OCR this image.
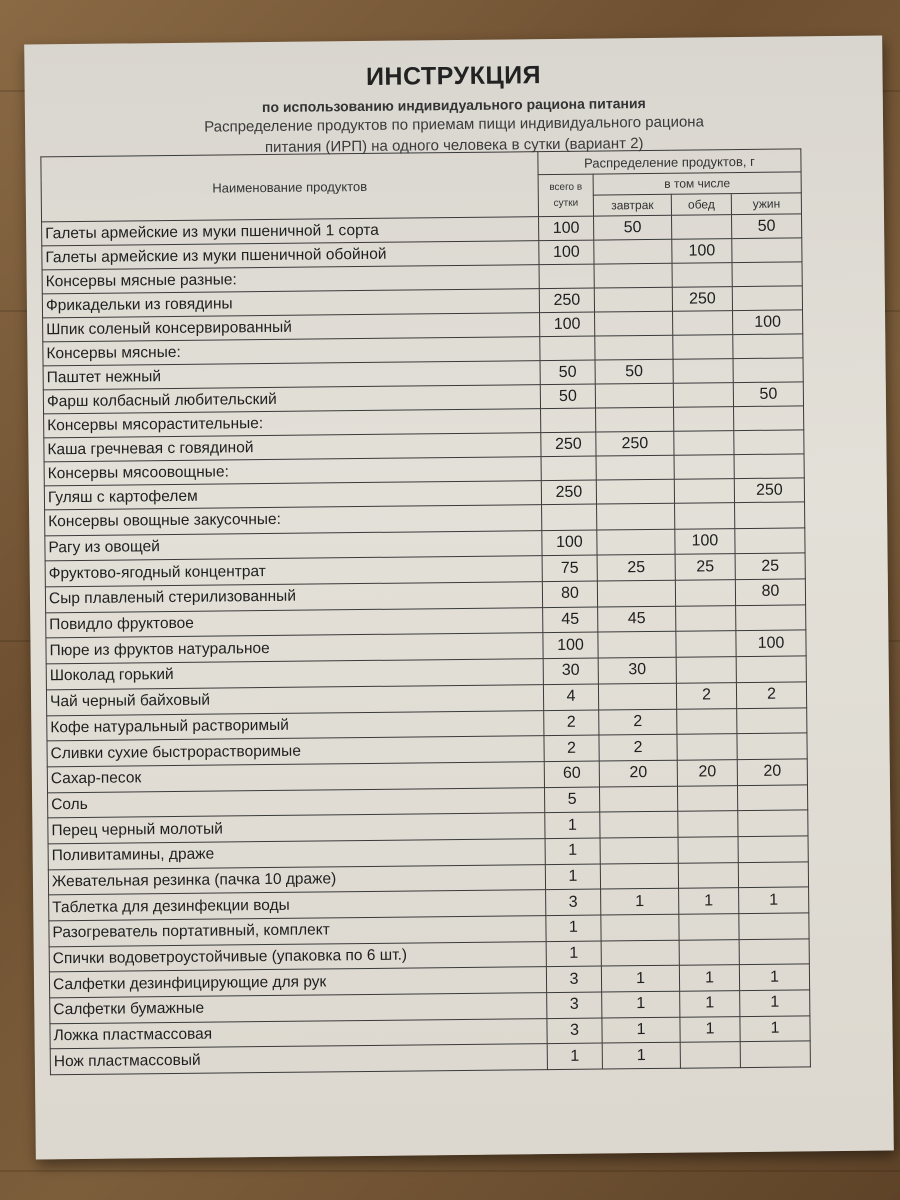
ИНСТРУКЦИЯ
по использованию индивидуального рациона питания
Распределение продуктов по приемам пищи индивидуального рациона
питания (ИРП) на одного человека в сутки (вариант 2)
Наименование продуктов	Распределение продуктов, г			
	всего в сутки	в том числе		
		завтрак	обед	ужин
Галеты армейские из муки пшеничной 1 сорта	100	50		50
Галеты армейские из муки пшеничной обойной	100		100	
Консервы мясные разные:				
Фрикадельки из говядины	250		250	
Шпик соленый консервированный	100			100
Консервы мясные:				
Паштет нежный	50	50		
Фарш колбасный любительский	50			50
Консервы мясорастительные:				
Каша гречневая с говядиной	250	250		
Консервы мясоовощные:				
Гуляш с картофелем	250			250
Консервы овощные закусочные:				
Рагу из овощей	100		100	
Фруктово-ягодный концентрат	75	25	25	25
Сыр плавленый стерилизованный	80			80
Повидло фруктовое	45	45		
Пюре из фруктов натуральное	100			100
Шоколад горький	30	30		
Чай черный байховый	4		2	2
Кофе натуральный растворимый	2	2		
Сливки сухие быстрорастворимые	2	2		
Сахар-песок	60	20	20	20
Соль	5			
Перец черный молотый	1			
Поливитамины, драже	1			
Жевательная резинка (пачка 10 драже)	1			
Таблетка для дезинфекции воды	3	1	1	1
Разогреватель портативный, комплект	1			
Спички водоветроустойчивые (упаковка по 6 шт.)	1			
Салфетки дезинфицирующие для рук	3	1	1	1
Салфетки бумажные	3	1	1	1
Ложка пластмассовая	3	1	1	1
Нож пластмассовый	1	1		
